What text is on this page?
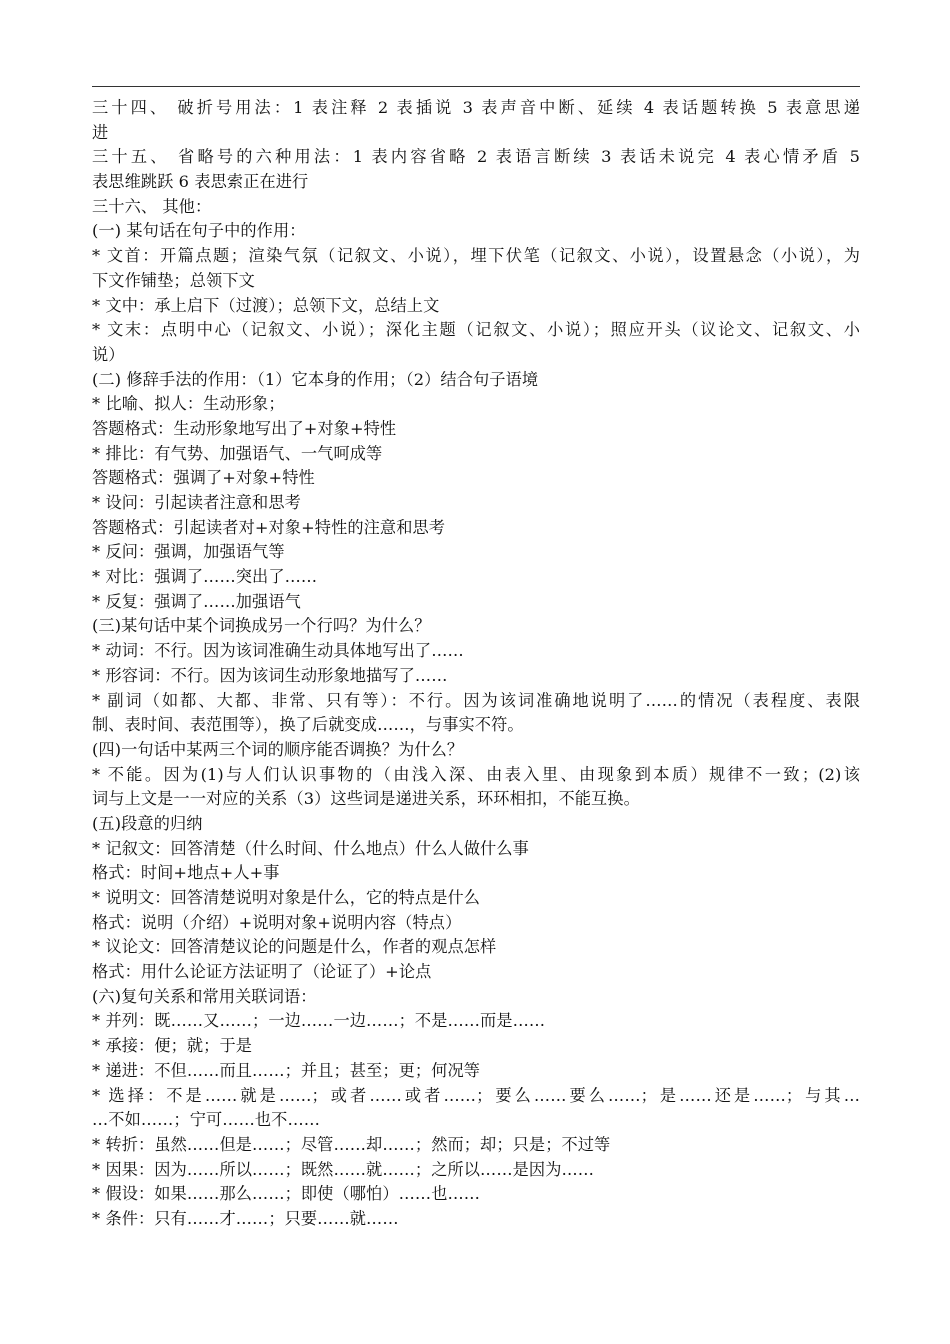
三十四、 破折号用法：1 表注释 2 表插说 3 表声音中断、延续 4 表话题转换 5 表意思递
进
三十五、 省略号的六种用法：1 表内容省略 2 表语言断续 3 表话未说完 4 表心情矛盾 5
表思维跳跃 6 表思索正在进行
三十六、 其他：
(一) 某句话在句子中的作用：
* 文首：开篇点题；渲染气氛（记叙文、小说），埋下伏笔（记叙文、小说），设置悬念（小说），为
下文作铺垫；总领下文
* 文中：承上启下（过渡）；总领下文，总结上文
* 文末：点明中心（记叙文、小说）；深化主题（记叙文、小说）；照应开头（议论文、记叙文、小
说）
(二) 修辞手法的作用：（1）它本身的作用；（2）结合句子语境
* 比喻、拟人：生动形象；
答题格式：生动形象地写出了+对象+特性
* 排比：有气势、加强语气、一气呵成等
答题格式：强调了+对象+特性
* 设问：引起读者注意和思考
答题格式：引起读者对+对象+特性的注意和思考
* 反问：强调，加强语气等
* 对比：强调了……突出了……
* 反复：强调了……加强语气
(三)某句话中某个词换成另一个行吗？为什么？
* 动词：不行。因为该词准确生动具体地写出了……
* 形容词：不行。因为该词生动形象地描写了……
* 副词（如都、大都、非常、只有等）：不行。因为该词准确地说明了……的情况（表程度、表限
制、表时间、表范围等），换了后就变成……，与事实不符。
(四)一句话中某两三个词的顺序能否调换？为什么？
* 不能。因为(1)与人们认识事物的（由浅入深、由表入里、由现象到本质）规律不一致；(2)该
词与上文是一一对应的关系（3）这些词是递进关系，环环相扣，不能互换。
(五)段意的归纳
* 记叙文：回答清楚（什么时间、什么地点）什么人做什么事
格式：时间+地点+人+事
* 说明文：回答清楚说明对象是什么，它的特点是什么
格式：说明（介绍）+说明对象+说明内容（特点）
* 议论文：回答清楚议论的问题是什么，作者的观点怎样
格式：用什么论证方法证明了（论证了）+论点
(六)复句关系和常用关联词语：
* 并列：既……又……；一边……一边……；不是……而是……
* 承接：便；就；于是
* 递进：不但……而且……；并且；甚至；更；何况等
* 选择：不是……就是……；或者……或者……；要么……要么……；是……还是……；与其…
…不如……；宁可……也不……
* 转折：虽然……但是……；尽管……却……；然而；却；只是；不过等
* 因果：因为……所以……；既然……就……；之所以……是因为……
* 假设：如果……那么……；即使（哪怕）……也……
* 条件：只有……才……；只要……就……
